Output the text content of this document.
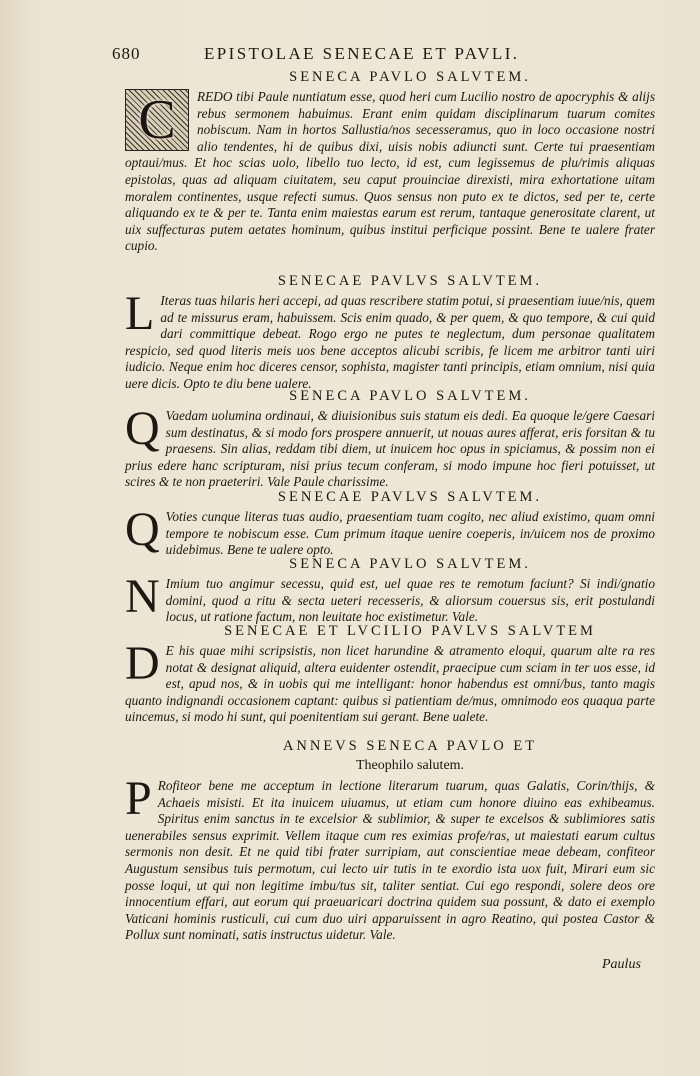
680	EPISTOLAE SENECAE ET PAVLI.
SENECA PAVLO SALVTEM.

C	REDO tibi Paule nuntiatum esse, quod heri cum Lucilio nostro de apocryphis & alijs rebus sermonem habuimus. Erant enim quidam disciplinarum tuarum comites nobiscum. Nam in hortos Sallustia/nos secesseramus, quo in loco occasione nostri alio tendentes, hi de quibus dixi, uisis nobis adiuncti sunt. Certe tui praesentiam optaui/mus. Et hoc scias uolo, libello tuo lecto, id est, cum legissemus de plu/rimis aliquas epistolas, quas ad aliquam ciuitatem, seu caput prouinciae direxisti, mira exhortatione uitam moralem continentes, usque refecti sumus. Quos sensus non puto ex te dictos, sed per te, certe aliquando ex te & per te. Tanta enim maiestas earum est rerum, tantaque generositate clarent, ut uix suffecturas putem aetates hominum, quibus institui perficique possint. Bene te ualere frater cupio.

SENECAE PAVLVS SALVTEM.

L Iteras tuas hilaris heri accepi, ad quas rescribere statim potui, si praesentiam iuue/nis, quem ad te missurus eram, habuissem. Scis enim quado, & per quem, & quo tempore, & cui quid dari committique debeat. Rogo ergo ne putes te neglectum, dum personae qualitatem respicio, sed quod literis meis uos bene acceptos alicubi scribis, fe licem me arbitror tanti uiri iudicio. Neque enim hoc diceres censor, sophista, magister tanti principis, etiam omnium, nisi quia uere dicis. Opto te diu bene ualere.

SENECA PAVLO SALVTEM.

Q Vaedam uolumina ordinaui, & diuisionibus suis statum eis dedi. Ea quoque le/gere Caesari sum destinatus, & si modo fors prospere annuerit, ut nouas aures afferat, eris forsitan & tu praesens. Sin alias, reddam tibi diem, ut inuicem hoc opus in spiciamus, & possim non ei prius edere hanc scripturam, nisi prius tecum conferam, si modo impune hoc fieri potuisset, ut scires & te non praeteriri. Vale Paule charissime.

SENECAE PAVLVS SALVTEM.

Q Voties cunque literas tuas audio, praesentiam tuam cogito, nec aliud existimo, quam omni tempore te nobiscum esse. Cum primum itaque uenire coeperis, in/uicem nos de proximo uidebimus. Bene te ualere opto.

SENECA PAVLO SALVTEM.

N Imium tuo angimur secessu, quid est, uel quae res te remotum faciunt? Si indi/gnatio domini, quod a ritu & secta ueteri recesseris, & aliorsum couersus sis, erit postulandi locus, ut ratione factum, non leuitate hoc existimetur. Vale.

SENECAE ET LVCILIO PAVLVS SALVTEM

D E his quae mihi scripsistis, non licet harundine & atramento eloqui, quarum alte ra res notat & designat aliquid, altera euidenter ostendit, praecipue cum sciam in ter uos esse, id est, apud nos, & in uobis qui me intelligant: honor habendus est omni/bus, tanto magis quanto indignandi occasionem captant: quibus si patientiam de/mus, omnimodo eos quaqua parte uincemus, si modo hi sunt, qui poenitentiam sui gerant. Bene ualete.

ANNEVS SENECA PAVLO ET
Theophilo salutem.

P Rofiteor bene me acceptum in lectione literarum tuarum, quas Galatis, Corin/thijs, & Achaeis misisti. Et ita inuicem uiuamus, ut etiam cum honore diuino eas exhibeamus. Spiritus enim sanctus in te excelsior & sublimior, & super te excelsos & sublimiores satis uenerabiles sensus exprimit. Vellem itaque cum res eximias profe/ras, ut maiestati earum cultus sermonis non desit. Et ne quid tibi frater surripiam, aut conscientiae meae debeam, confiteor Augustum sensibus tuis permotum, cui lecto uir tutis in te exordio ista uox fuit, Mirari eum sic posse loqui, ut qui non legitime imbu/tus sit, taliter sentiat. Cui ego respondi, solere deos ore innocentium effari, aut eorum qui praeuaricari doctrina quidem sua possunt, & dato ei exemplo Vaticani hominis rusticuli, cui cum duo uiri apparuissent in agro Reatino, qui postea Castor & Pollux sunt nominati, satis instructus uidetur. Vale.

Paulus
